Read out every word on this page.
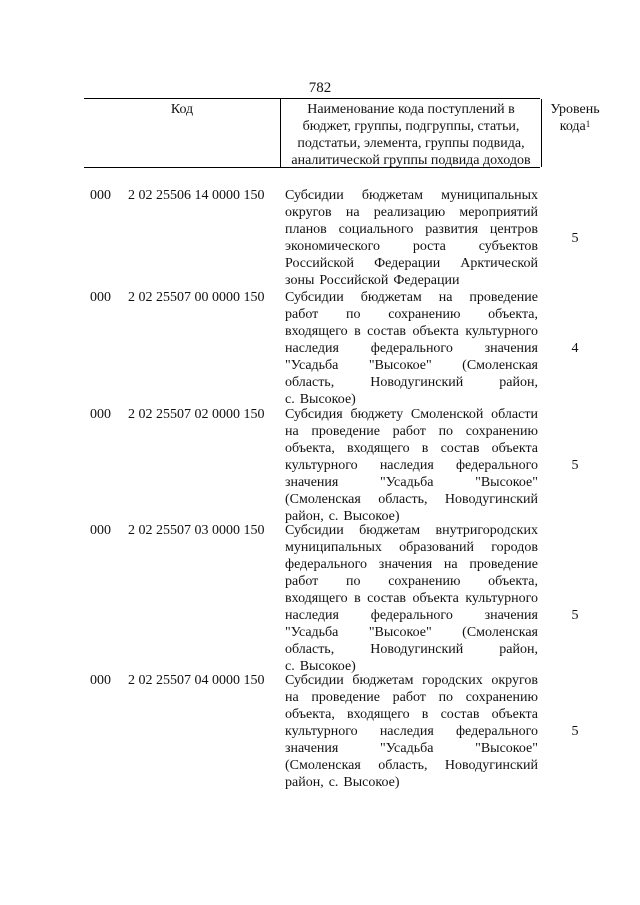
782
Код	Наименование кода поступлений в
бюджет, группы, подгруппы, статьи,
подстатьи, элемента, группы подвида,
аналитической группы подвида доходов
Уровень
кода$^1$
000 2 02 25506 14 0000 150 Субсидии бюджетам муниципальных
округов на реализацию мероприятий
планов социального развития центров
экономического роста субъектов
Российской Федерации Арктической
зоны Российской Федерации
5
000 2 02 25507 00 0000 150 Субсидии бюджетам на проведение
работ по сохранению объекта,
входящего в состав объекта культурного
наследия федерального значения
"Усадьба "Высокое" (Смоленская
область,	Новодугинский	район,
с. Высокое)
4
000 2 02 25507 02 0000 150 Субсидия бюджету Смоленской области
на проведение работ по сохранению
объекта, входящего в состав объекта
культурного наследия федерального
значения	"Усадьба	"Высокое"
(Смоленская область, Новодугинский
район, с. Высокое)
5
000 2 02 25507 03 0000 150 Субсидии бюджетам внутригородских
муниципальных образований городов
федерального значения на проведение
работ по сохранению объекта,
входящего в состав объекта культурного
наследия федерального значения
"Усадьба "Высокое" (Смоленская
область,	Новодугинский	район,
с. Высокое)
5
000 2 02 25507 04 0000 150 Субсидии бюджетам городских округов
на проведение работ по сохранению
объекта, входящего в состав объекта
культурного наследия федерального
значения	"Усадьба	"Высокое"
(Смоленская область, Новодугинский
район, с. Высокое)
5
